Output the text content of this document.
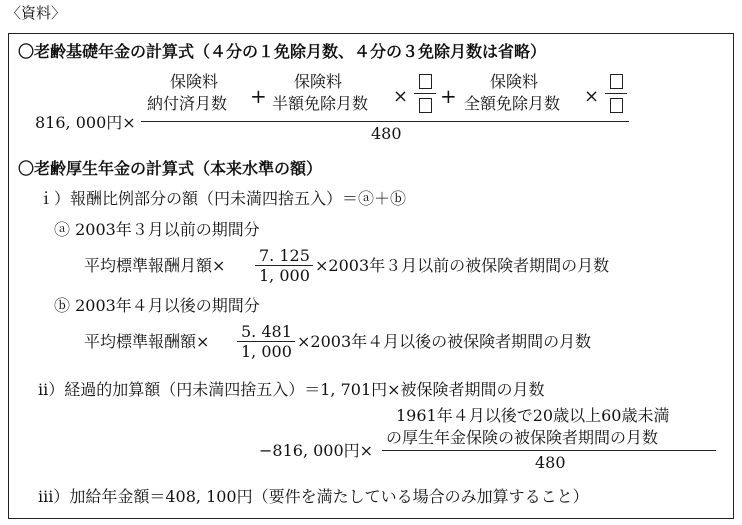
〈資料〉
〇老齢基礎年金の計算式（４分の１免除月数、４分の３免除月数は省略）
保険料
納付済月数 +
保険料
半額免除月数 × +
保険料
全額免除月数 ×
816, 000円×
480
〇老齢厚生年金の計算式（本来水準の額）
ｉ）報酬比例部分の額（円未満四捨五入）＝ⓐ＋ⓑ
ⓐ 2003年３月以前の期間分
平均標準報酬月額×
7. 125
1, 000
×2003年３月以前の被保険者期間の月数
ⓑ 2003年４月以後の期間分
平均標準報酬額×
5. 481
1, 000
×2003年４月以後の被保険者期間の月数
ⅱ）経過的加算額（円未満四捨五入）＝1, 701円×被保険者期間の月数
1961年４月以後で20歳以上60歳未満
の厚生年金保険の被保険者期間の月数
−816, 000円×
480
ⅲ）加給年金額＝408, 100円（要件を満たしている場合のみ加算すること）
